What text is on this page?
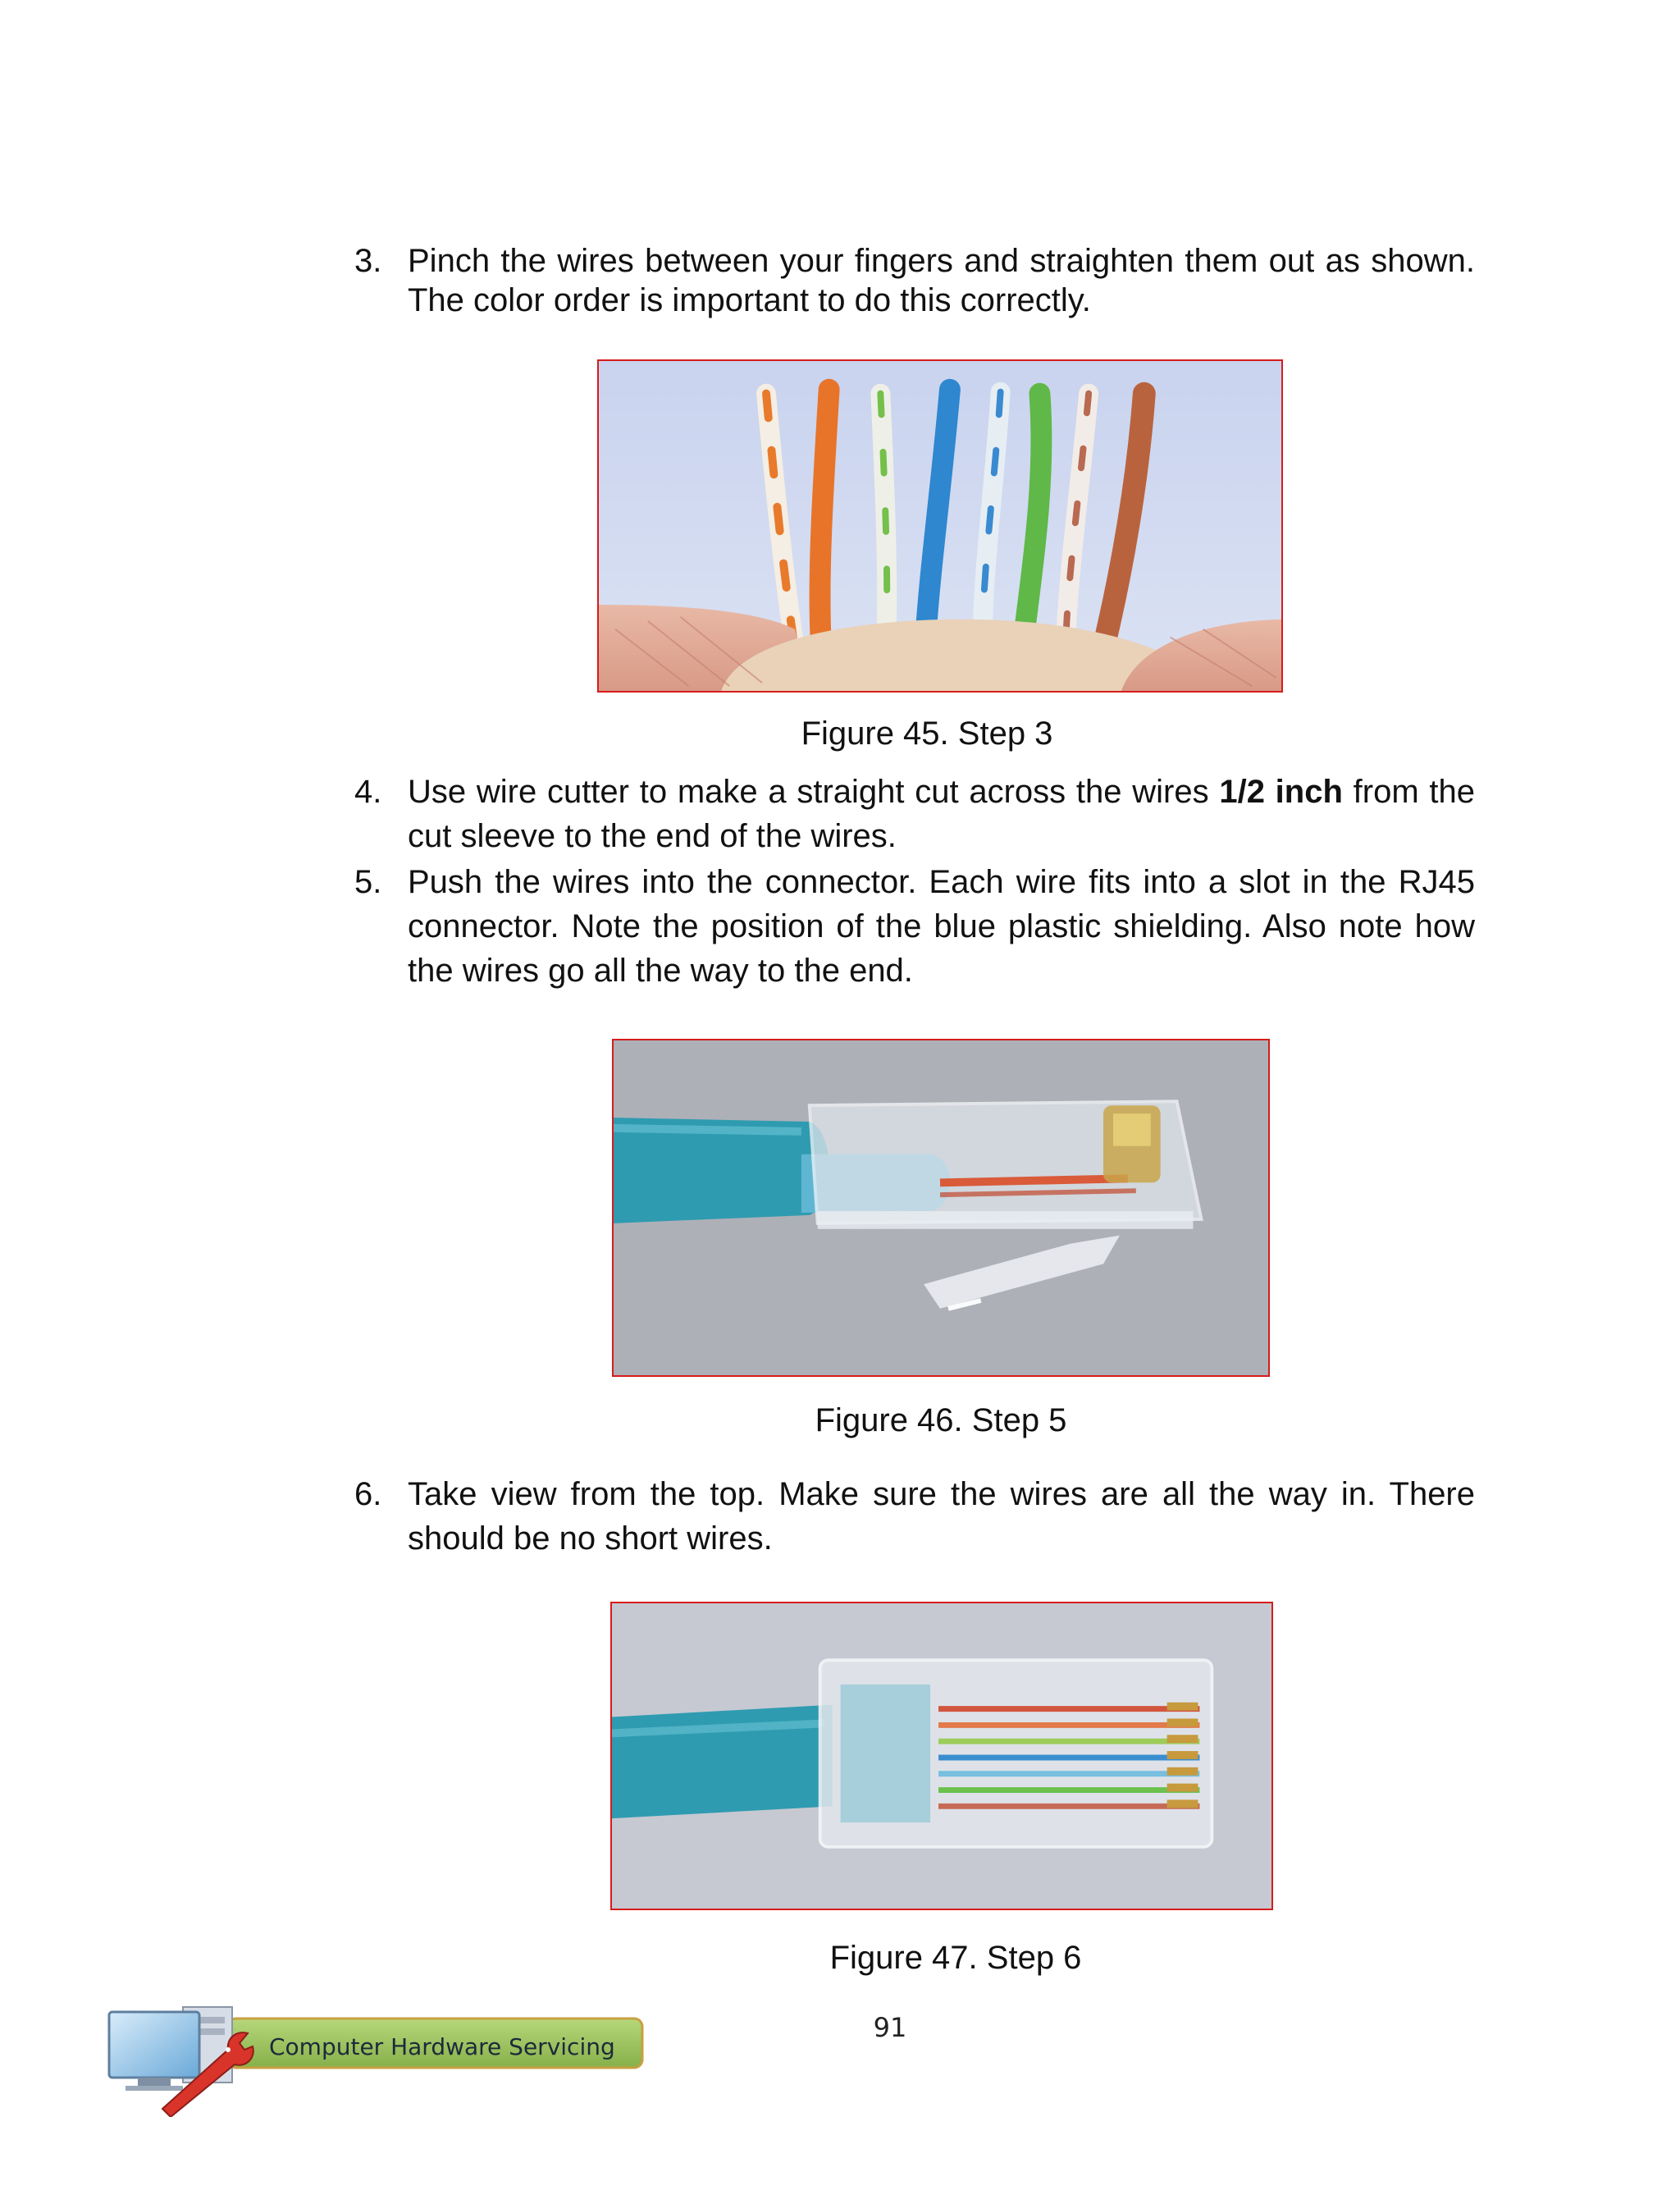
3. Pinch the wires between your fingers and straighten them out as shown. The color order is important to do this correctly.
Figure 45. Step 3
4. Use wire cutter to make a straight cut across the wires 1/2 inch from the cut sleeve to the end of the wires.
5. Push the wires into the connector. Each wire fits into a slot in the RJ45 connector. Note the position of the blue plastic shielding. Also note how the wires go all the way to the end.
Figure 46. Step 5
6. Take view from the top. Make sure the wires are all the way in. There should be no short wires.
Figure 47. Step 6
91
Computer Hardware Servicing
